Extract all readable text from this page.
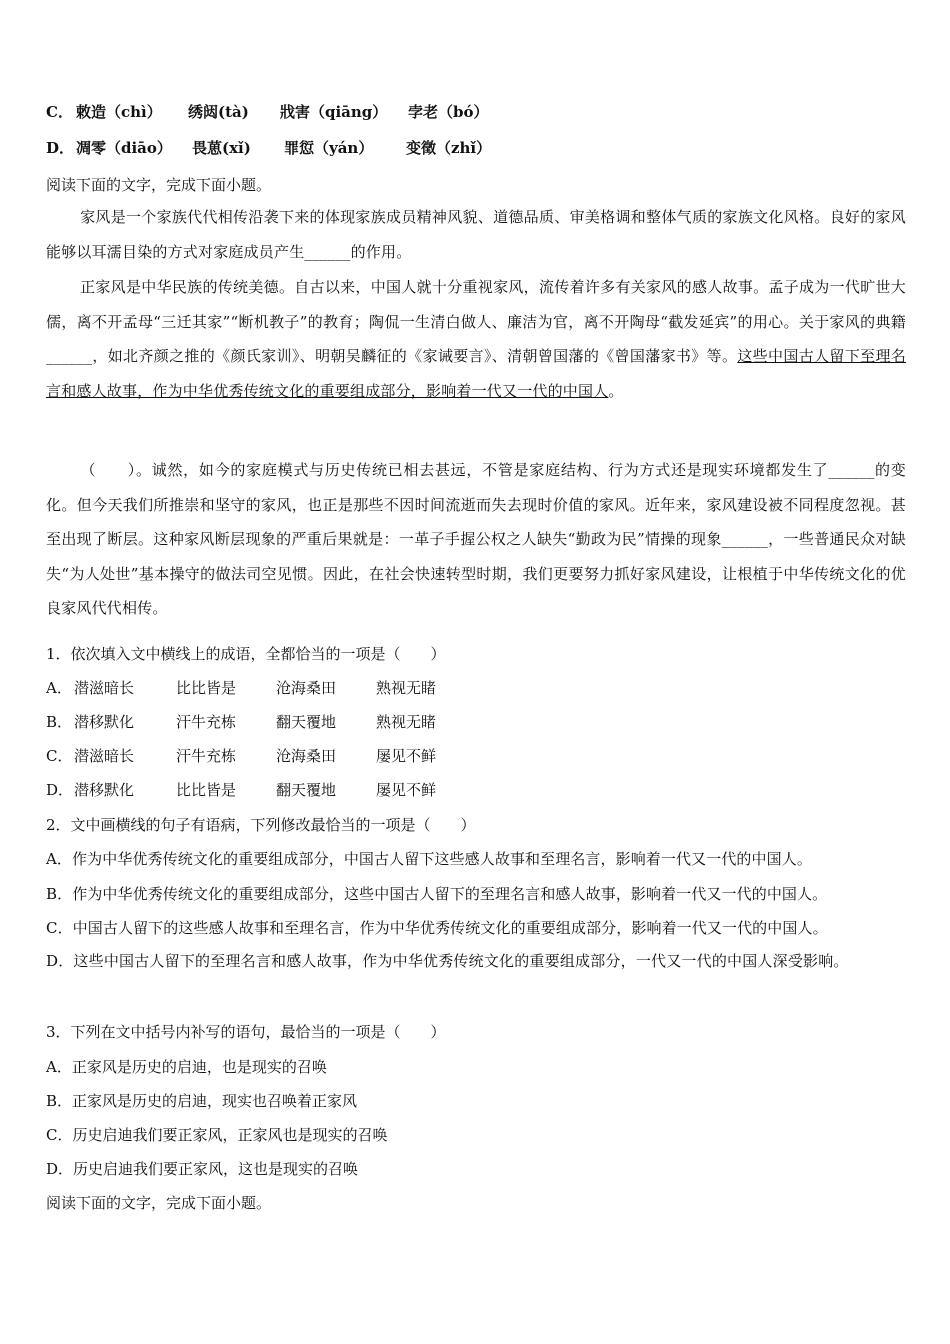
C． 敕造（chì） 绣闼(tà) 戕害（qiāng） 孛老（bó）
D． 凋零（diāo） 畏葸(xǐ) 罪愆（yán） 变徵（zhǐ）
阅读下面的文字，完成下面小题。
家风是一个家族代代相传沿袭下来的体现家族成员精神风貌、道德品质、审美格调和整体气质的家族文化风格。良好的家风能够以耳濡目染的方式对家庭成员产生______的作用。
正家风是中华民族的传统美德。自古以来，中国人就十分重视家风，流传着许多有关家风的感人故事。孟子成为一代旷世大儒，离不开孟母“三迁其家”“断机教子”的教育；陶侃一生清白做人、廉洁为官，离不开陶母“截发延宾”的用心。关于家风的典籍______，如北齐颜之推的《颜氏家训》、明朝吴麟征的《家诫要言》、清朝曾国藩的《曾国藩家书》等。这些中国古人留下至理名言和感人故事，作为中华优秀传统文化的重要组成部分，影响着一代又一代的中国人。
（　　）。诚然，如今的家庭模式与历史传统已相去甚远，不管是家庭结构、行为方式还是现实环境都发生了______的变化。但今天我们所推崇和坚守的家风，也正是那些不因时间流逝而失去现时价值的家风。近年来，家风建设被不同程度忽视。甚至出现了断层。这种家风断层现象的严重后果就是：一革子手握公权之人缺失“勤政为民”情操的现象______，一些普通民众对缺失“为人处世”基本操守的做法司空见惯。因此，在社会快速转型时期，我们更要努力抓好家风建设，让根植于中华传统文化的优良家风代代相传。
1．依次填入文中横线上的成语，全都恰当的一项是（　　）
A． 潜滋暗长	比比皆是	沧海桑田	熟视无睹
B． 潜移默化	汗牛充栋	翻天覆地	熟视无睹
C． 潜滋暗长	汗牛充栋	沧海桑田	屡见不鲜
D． 潜移默化	比比皆是	翻天覆地	屡见不鲜
2．文中画横线的句子有语病，下列修改最恰当的一项是（　　）
A．作为中华优秀传统文化的重要组成部分，中国古人留下这些感人故事和至理名言，影响着一代又一代的中国人。
B．作为中华优秀传统文化的重要组成部分，这些中国古人留下的至理名言和感人故事，影响着一代又一代的中国人。
C．中国古人留下的这些感人故事和至理名言，作为中华优秀传统文化的重要组成部分，影响着一代又一代的中国人。
D．这些中国古人留下的至理名言和感人故事，作为中华优秀传统文化的重要组成部分，一代又一代的中国人深受影响。
3．下列在文中括号内补写的语句，最恰当的一项是（　　）
A．正家风是历史的启迪，也是现实的召唤
B．正家风是历史的启迪，现实也召唤着正家风
C．历史启迪我们要正家风，正家风也是现实的召唤
D．历史启迪我们要正家风，这也是现实的召唤
阅读下面的文字，完成下面小题。
